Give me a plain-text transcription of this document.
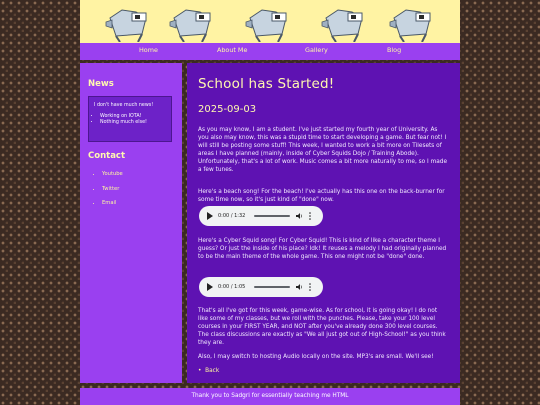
Home	About Me	Gallery	Blog
News
I don't have much news!
• Working on IOTA!
• Nothing much else!
Contact
• Youtube
• Twitter
• Email
School has Started!
2025-09-03

As you may know, I am a student. I've just started my fourth year of University. As you also may know, this was a stupid time to start developing a game. But fear not! I will still be posting some stuff! This week, I wanted to work a bit more on Tilesets of areas I have planned (mainly, inside of Cyber Squids Dojo / Training Abode). Unfortunately, that's a lot of work. Music comes a bit more naturally to me, so I made a few tunes.

Here's a beach song! For the beach! I've actually has this one on the back-burner for some time now, so it's just kind of "done" now.

0:00 / 1:32

Here's a Cyber Squid song! For Cyber Squid! This is kind of like a character theme I guess? Or just the inside of his place? Idk! It reuses a melody I had originally planned to be the main theme of the whole game. This one might not be "done" done.

0:00 / 1:05

That's all I've got for this week, game-wise. As for school, it is going okay! I do not like some of my classes, but we roll with the punches. Please, take your 100 level courses in your FIRST YEAR, and NOT after you've already done 300 level courses. The class discussions are exactly as "We all just got out of High-School!" as you think they are.

Also, I may switch to hosting Audio locally on the site. MP3's are small. We'll see!

•  Back
Thank you to Sadgri for essentially teaching me HTML
